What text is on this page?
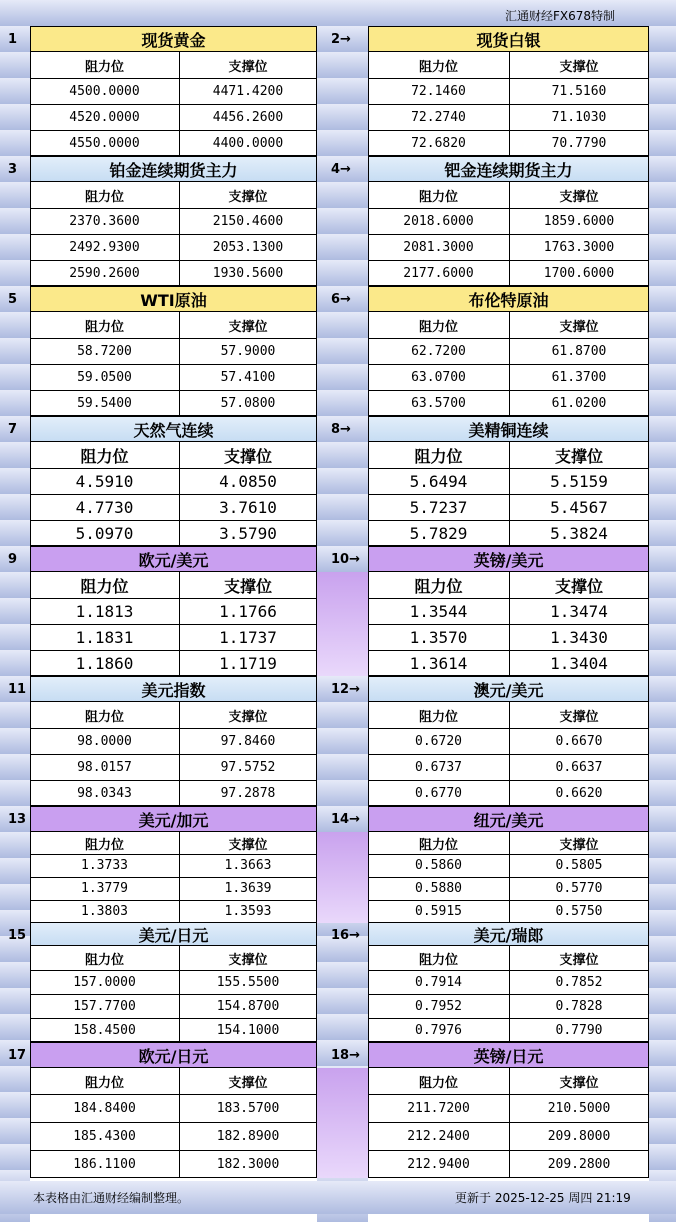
1	现货黄金
阻力位	支撑位
4500.0000	4471.4200
4520.0000	4456.2600
4550.0000	4400.0000
2→	现货白银
阻力位	支撑位
72.1460	71.5160
72.2740	71.1030
72.6820	70.7790
3	铂金连续期货主力
阻力位	支撑位
2370.3600	2150.4600
2492.9300	2053.1300
2590.2600	1930.5600
4→	钯金连续期货主力
阻力位	支撑位
2018.6000	1859.6000
2081.3000	1763.3000
2177.6000	1700.6000
5	WTI原油
阻力位	支撑位
58.7200	57.9000
59.0500	57.4100
59.5400	57.0800
6→	布伦特原油
阻力位	支撑位
62.7200	61.8700
63.0700	61.3700
63.5700	61.0200
7	天然气连续
阻力位	支撑位
4.5910	4.0850
4.7730	3.7610
5.0970	3.5790
8→	美精铜连续
阻力位	支撑位
5.6494	5.5159
5.7237	5.4567
5.7829	5.3824
9	欧元/美元
阻力位	支撑位
1.1813	1.1766
1.1831	1.1737
1.1860	1.1719
10→	英镑/美元
阻力位	支撑位
1.3544	1.3474
1.3570	1.3430
1.3614	1.3404
11	美元指数
阻力位	支撑位
98.0000	97.8460
98.0157	97.5752
98.0343	97.2878
12→	澳元/美元
阻力位	支撑位
0.6720	0.6670
0.6737	0.6637
0.6770	0.6620
13	美元/加元
阻力位	支撑位
1.3733	1.3663
1.3779	1.3639
1.3803	1.3593
14→	纽元/美元
阻力位	支撑位
0.5860	0.5805
0.5880	0.5770
0.5915	0.5750
15	美元/日元
阻力位	支撑位
157.0000	155.5500
157.7700	154.8700
158.4500	154.1000
16→	美元/瑞郎
阻力位	支撑位
0.7914	0.7852
0.7952	0.7828
0.7976	0.7790
17	欧元/日元
阻力位	支撑位
184.8400	183.5700
185.4300	182.8900
186.1100	182.3000
18→	英镑/日元
阻力位	支撑位
211.7200	210.5000
212.2400	209.8000
212.9400	209.2800
汇通财经FX678特制
本表格由汇通财经编制整理。	更新于 2025-12-25 周四 21:19
